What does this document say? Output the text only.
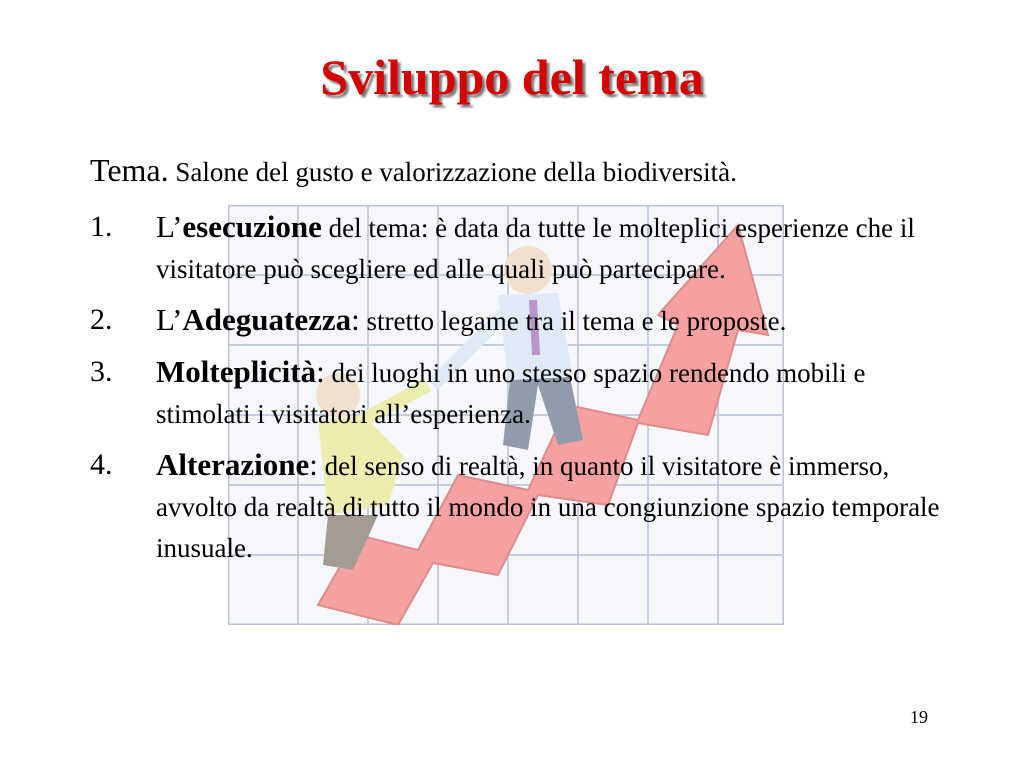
Sviluppo del tema
Tema. Salone del gusto e valorizzazione della biodiversità.
1. L’esecuzione del tema: è data da tutte le molteplici esperienze che il visitatore può scegliere ed alle quali può partecipare.
2. L’Adeguatezza: stretto legame tra il tema e le proposte.
3. Molteplicità: dei luoghi in uno stesso spazio rendendo mobili e stimolati i visitatori all’esperienza.
4. Alterazione: del senso di realtà, in quanto il visitatore è immerso, avvolto da realtà di tutto il mondo in una congiunzione spazio temporale inusuale.
19
